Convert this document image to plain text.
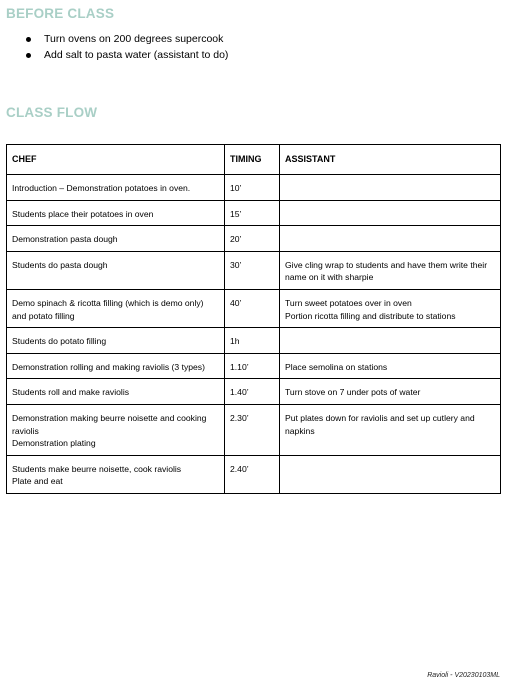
BEFORE CLASS
Turn ovens on 200 degrees supercook
Add salt to pasta water (assistant to do)
CLASS FLOW
CHEF	TIMING	ASSISTANT

Introduction – Demonstration potatoes in oven.	10’	

Students place their potatoes in oven	15’	

Demonstration pasta dough	20’	

Students do pasta dough	30’	Give cling wrap to students and have them write their name on it with sharpie

Demo spinach & ricotta filling (which is demo only) and potato filling	40’	Turn sweet potatoes over in oven
Portion ricotta filling and distribute to stations

Students do potato filling	1h	

Demonstration rolling and making raviolis (3 types)	1.10’	Place semolina on stations

Students roll and make raviolis	1.40’	Turn stove on 7 under pots of water

Demonstration making beurre noisette and cooking raviolis
Demonstration plating	2.30’	Put plates down for raviolis and set up cutlery and napkins

Students make beurre noisette, cook raviolis
Plate and eat	2.40’	
Ravioli - V20230103ML
